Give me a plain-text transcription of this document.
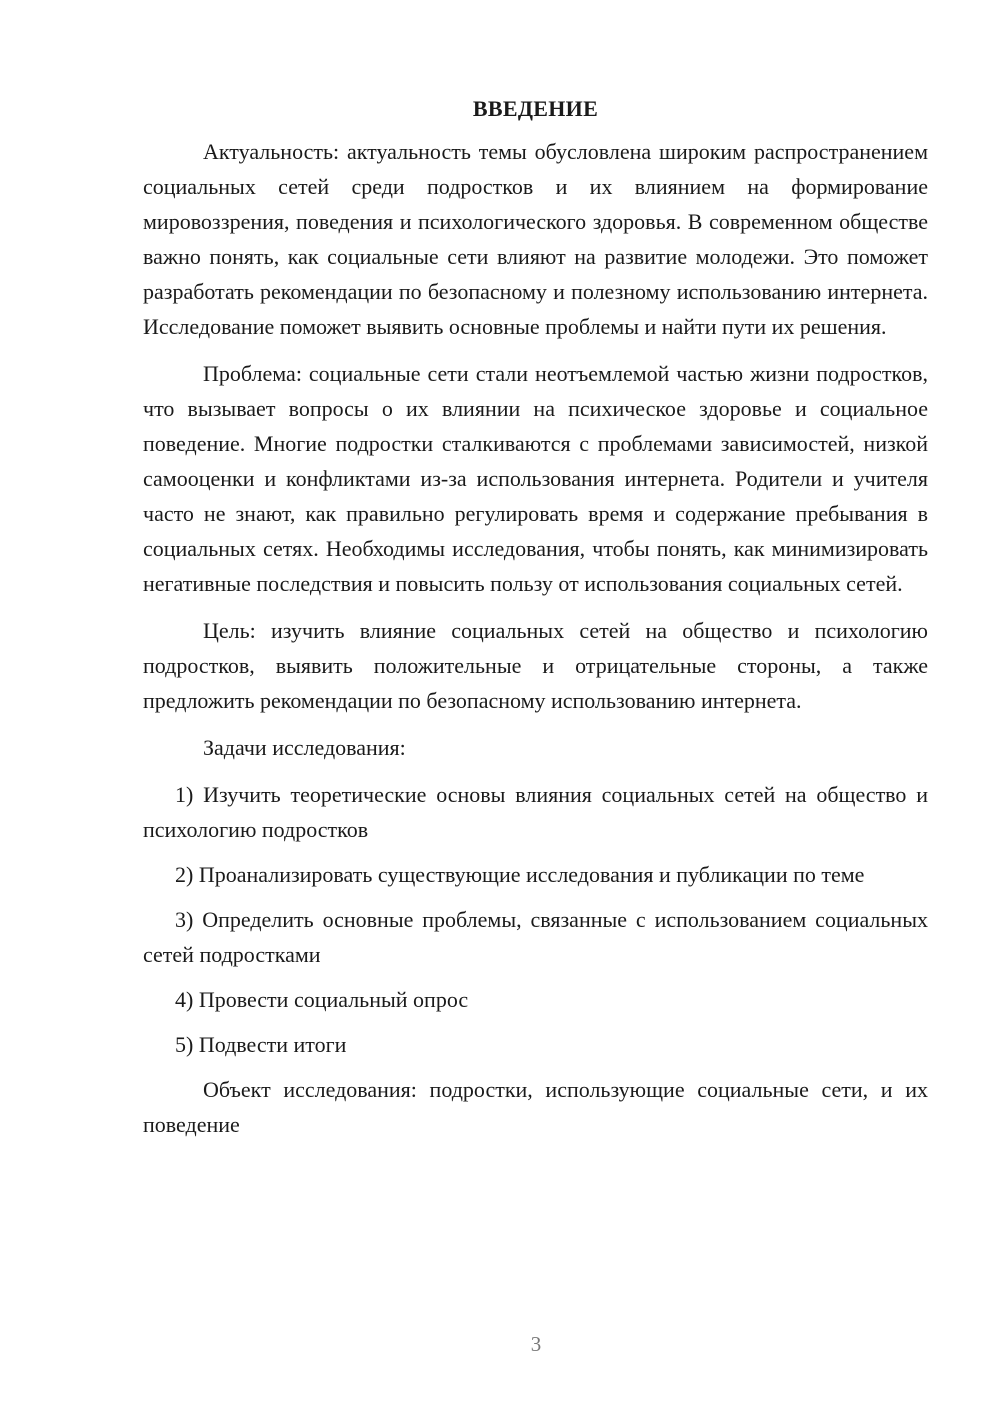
ВВЕДЕНИЕ

Актуальность: актуальность темы обусловлена широким распространением социальных сетей среди подростков и их влиянием на формирование мировоззрения, поведения и психологического здоровья. В современном обществе важно понять, как социальные сети влияют на развитие молодежи. Это поможет разработать рекомендации по безопасному и полезному использованию интернета. Исследование поможет выявить основные проблемы и найти пути их решения.

Проблема: социальные сети стали неотъемлемой частью жизни подростков, что вызывает вопросы о их влиянии на психическое здоровье и социальное поведение. Многие подростки сталкиваются с проблемами зависимостей, низкой самооценки и конфликтами из-за использования интернета. Родители и учителя часто не знают, как правильно регулировать время и содержание пребывания в социальных сетях. Необходимы исследования, чтобы понять, как минимизировать негативные последствия и повысить пользу от использования социальных сетей.

Цель: изучить влияние социальных сетей на общество и психологию подростков, выявить положительные и отрицательные стороны, а также предложить рекомендации по безопасному использованию интернета.

Задачи исследования:

1) Изучить теоретические основы влияния социальных сетей на общество и психологию подростков

2) Проанализировать существующие исследования и публикации по теме

3) Определить основные проблемы, связанные с использованием социальных сетей подростками

4) Провести социальный опрос

5) Подвести итоги

Объект исследования: подростки, использующие социальные сети, и их поведение

3
